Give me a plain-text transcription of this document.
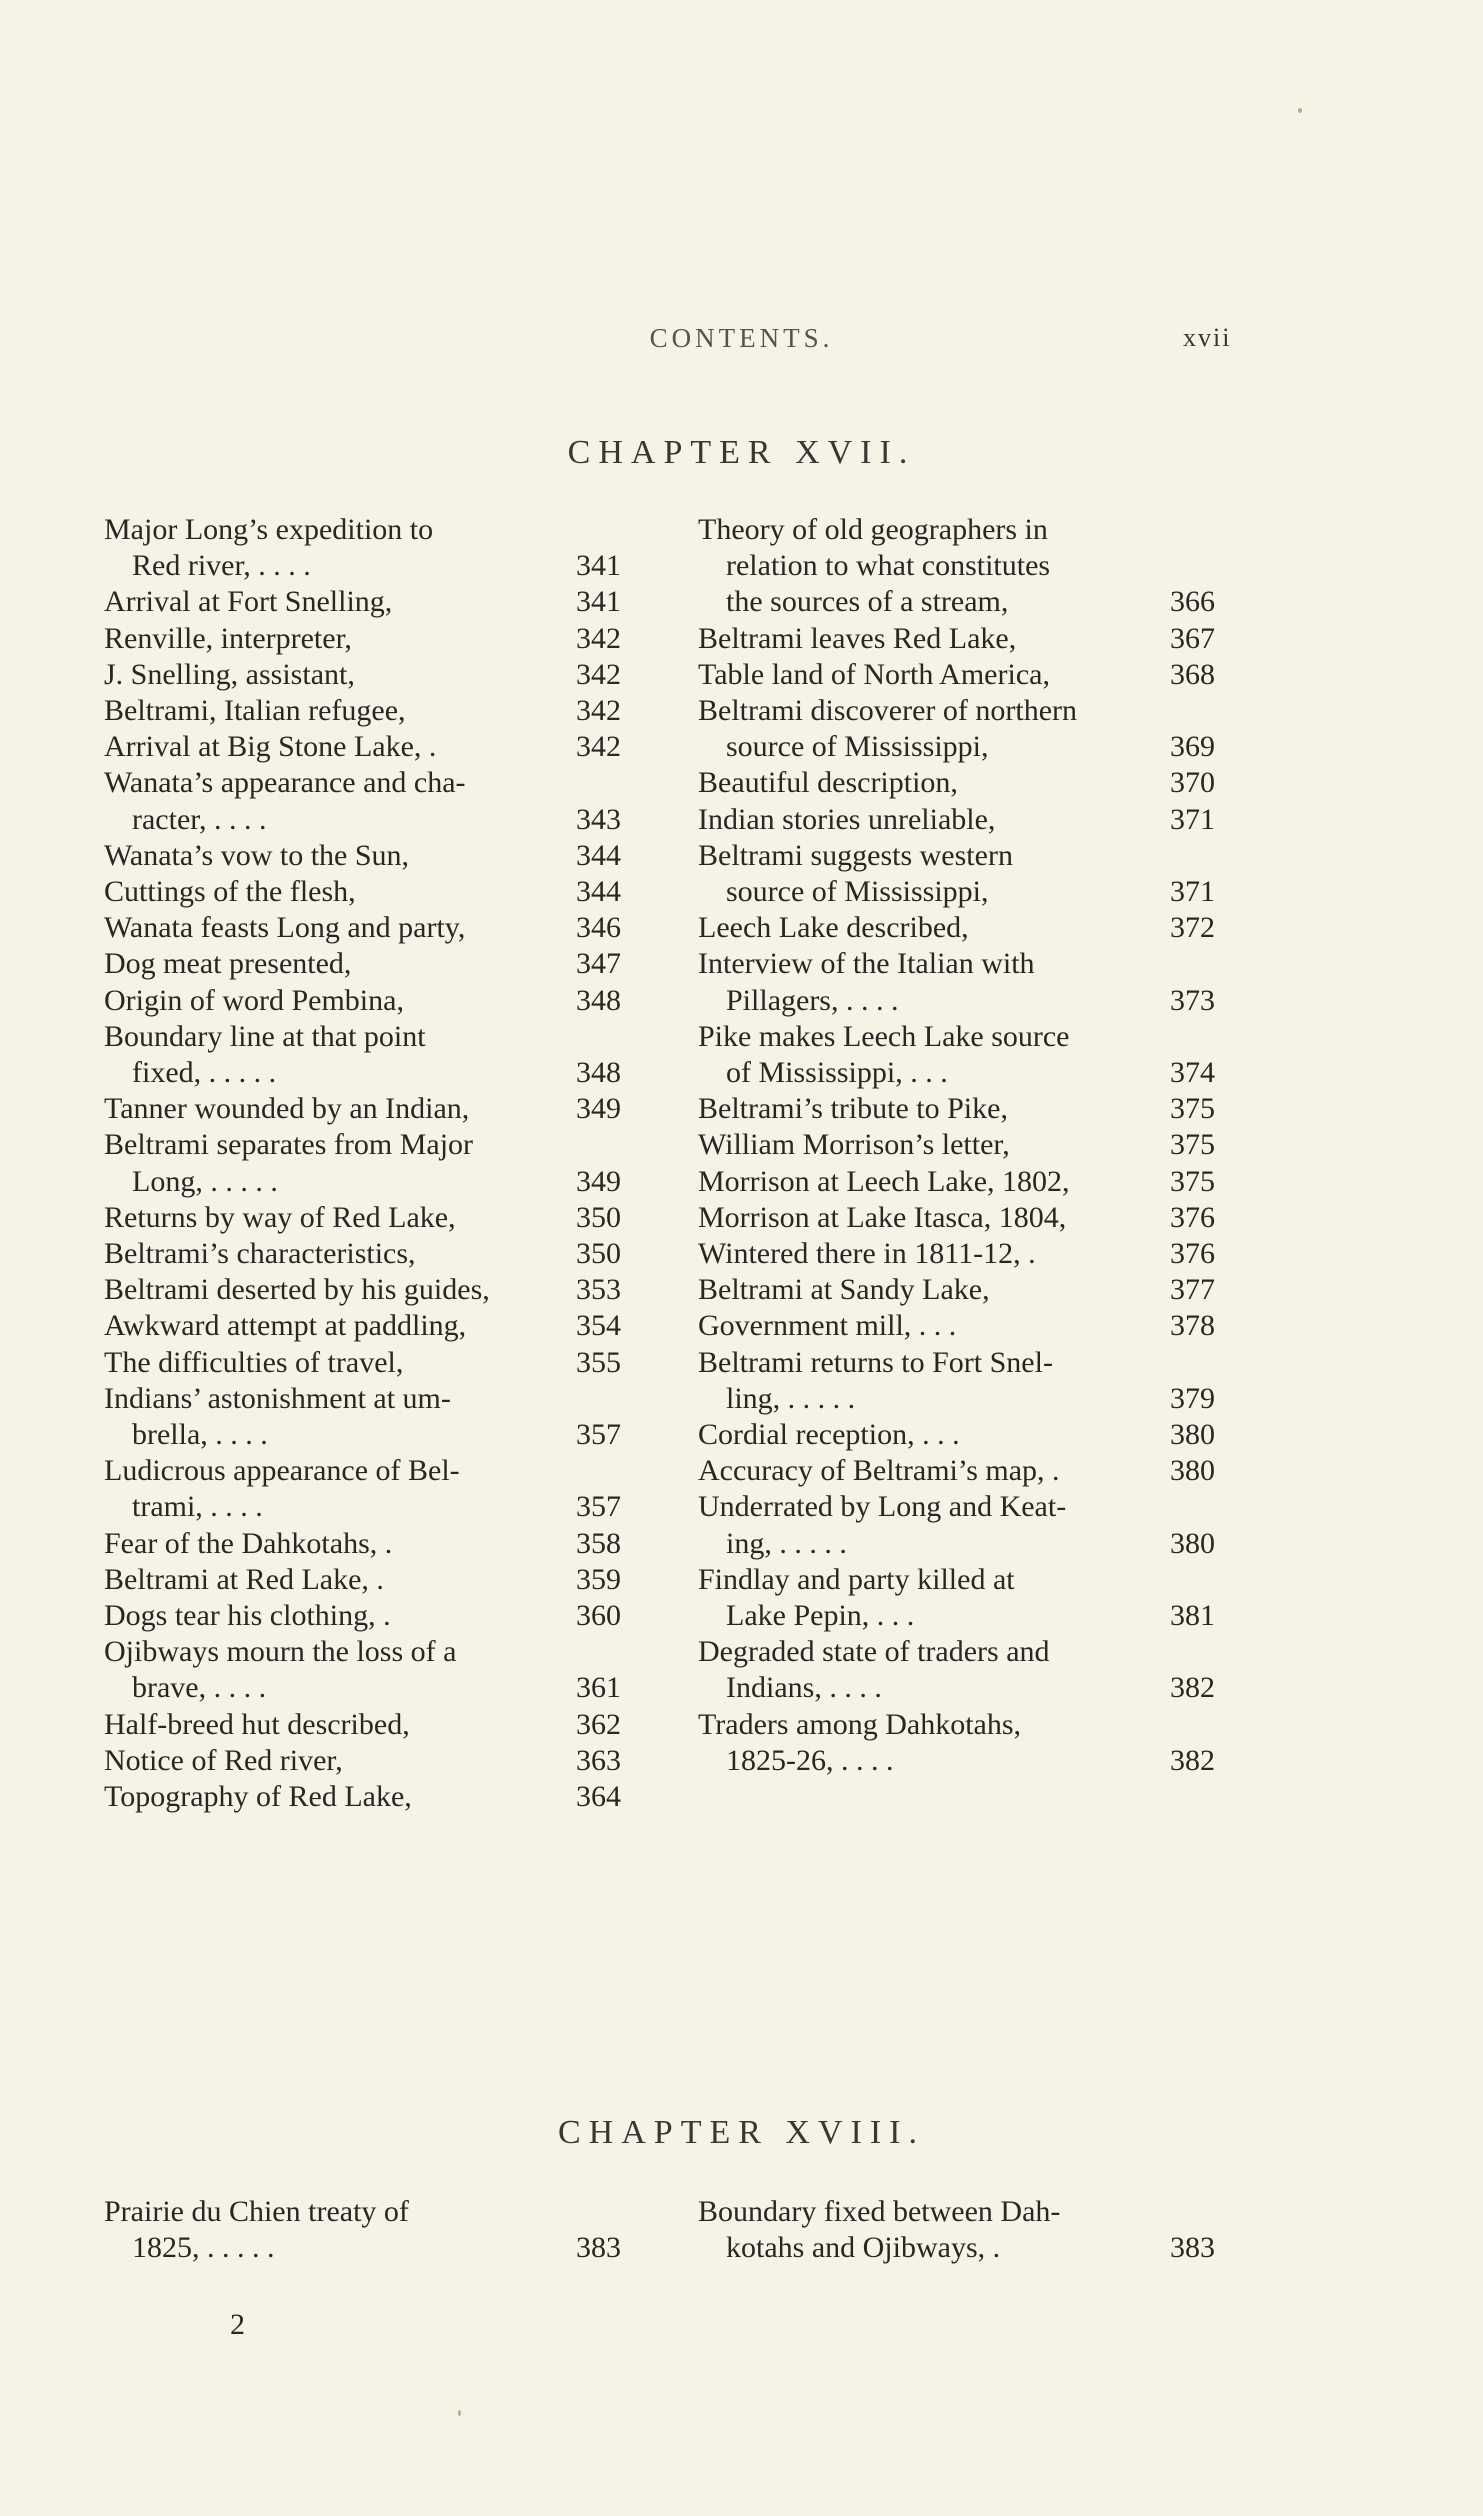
CONTENTS.	xvii
CHAPTER XVII.
CHAPTER XVIII.
Major Long’s expedition to
Red river, . . . .	341
Arrival at Fort Snelling,	341
Renville, interpreter,	342
J. Snelling, assistant,	342
Beltrami, Italian refugee,	342
Arrival at Big Stone Lake, .	342
Wanata’s appearance and cha-
racter, . . . .	343
Wanata’s vow to the Sun,	344
Cuttings of the flesh,	344
Wanata feasts Long and party,	346
Dog meat presented,	347
Origin of word Pembina,	348
Boundary line at that point
fixed, . . . . .	348
Tanner wounded by an Indian,	349
Beltrami separates from Major
Long, . . . . .	349
Returns by way of Red Lake,	350
Beltrami’s characteristics,	350
Beltrami deserted by his guides,	353
Awkward attempt at paddling,	354
The difficulties of travel,	355
Indians’ astonishment at um-
brella, . . . .	357
Ludicrous appearance of Bel-
trami, . . . .	357
Fear of the Dahkotahs, .	358
Beltrami at Red Lake, .	359
Dogs tear his clothing, .	360
Ojibways mourn the loss of a
brave, . . . .	361
Half-breed hut described,	362
Notice of Red river,	363
Topography of Red Lake,	364
Theory of old geographers in
relation to what constitutes
the sources of a stream,	366
Beltrami leaves Red Lake,	367
Table land of North America,	368
Beltrami discoverer of northern
source of Mississippi,	369
Beautiful description,	370
Indian stories unreliable,	371
Beltrami suggests western
source of Mississippi,	371
Leech Lake described,	372
Interview of the Italian with
Pillagers, . . . .	373
Pike makes Leech Lake source
of Mississippi, . . .	374
Beltrami’s tribute to Pike,	375
William Morrison’s letter,	375
Morrison at Leech Lake, 1802,	375
Morrison at Lake Itasca, 1804,	376
Wintered there in 1811-12, .	376
Beltrami at Sandy Lake,	377
Government mill, . . .	378
Beltrami returns to Fort Snel-
ling, . . . . .	379
Cordial reception, . . .	380
Accuracy of Beltrami’s map, .	380
Underrated by Long and Keat-
ing, . . . . .	380
Findlay and party killed at
Lake Pepin, . . .	381
Degraded state of traders and
Indians, . . . .	382
Traders among Dahkotahs,
1825-26, . . . .	382
Prairie du Chien treaty of
1825, . . . . .	383
Boundary fixed between Dah-
kotahs and Ojibways, .	383
2
